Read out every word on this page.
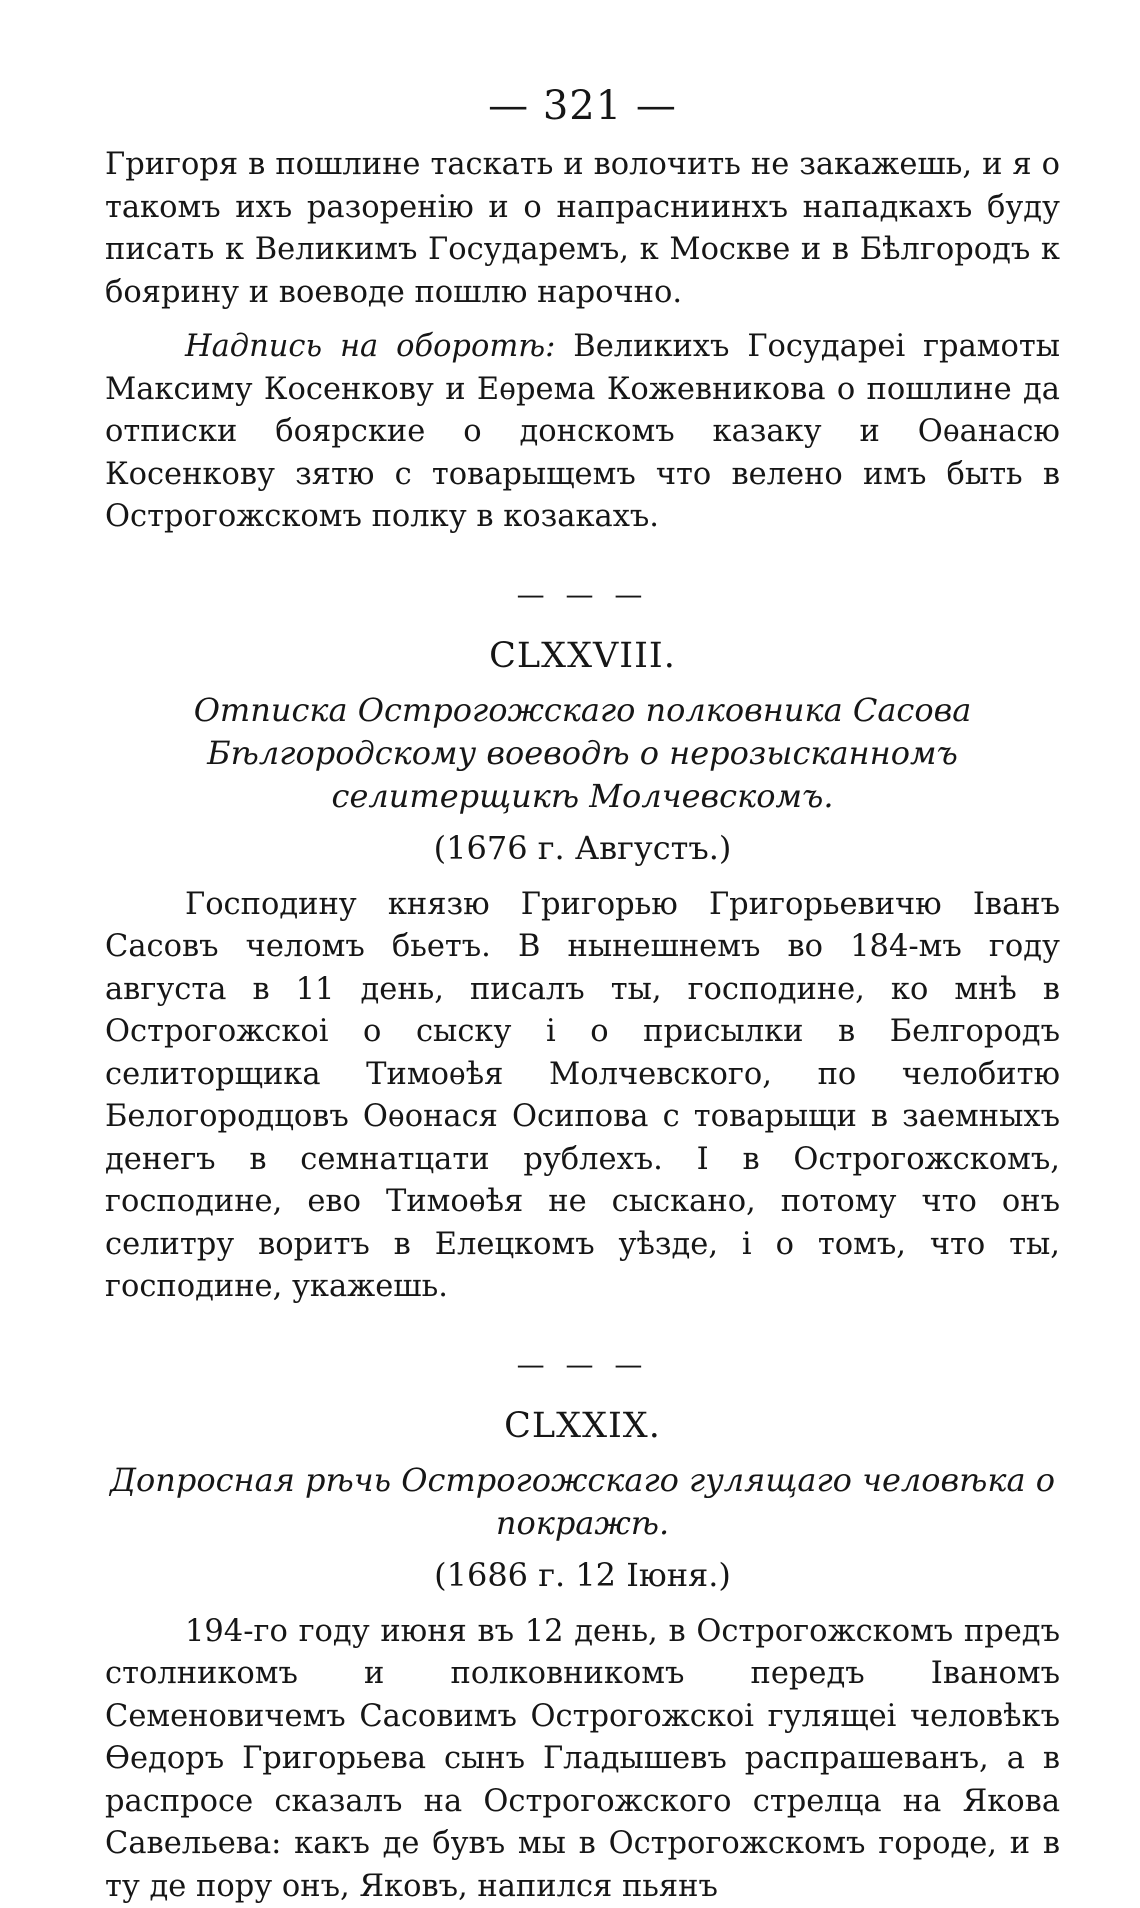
— 321 —

Григоря в пошлине таскать и волочить не закажешь, и я о такомъ ихъ разоренію и о напрасниинхъ нападкахъ буду писать к Великимъ Государемъ, к Москве и в Бѣлгородъ к боярину и воеводе пошлю нарочно.

Надпись на оборотѣ: Великихъ Государеі грамоты Максиму Косенкову и Еѳрема Кожевникова о пошлине да отписки боярские о донскомъ казаку и Оѳанасю Косенкову зятю с товарыщемъ что велено имъ быть в Острогожскомъ полку в козакахъ.

— — —
CLXXVIII.
Отписка Острогожскаго полковника Сасова Бѣлгородскому воеводѣ о нерозысканномъ селитерщикѣ Молчевскомъ.
(1676 г. Августъ.)

Господину князю Григорью Григорьевичю Іванъ Сасовъ челомъ бьетъ. В нынешнемъ во 184-мъ году августа в 11 день, писалъ ты, господине, ко мнѣ в Острогожскоі о сыску і о присылки в Белгородъ селиторщика Тимоѳѣя Молчевского, по челобитю Белогородцовъ Оѳонася Осипова с товарыщи в заемныхъ денегъ в семнатцати рублехъ. І в Острогожскомъ, господине, ево Тимоѳѣя не сыскано, потому что онъ селитру воритъ в Елецкомъ уѣзде, і о томъ, что ты, господине, укажешь.

— — —
CLXXIX.
Допросная рѣчь Острогожскаго гулящаго человѣка о покражѣ.
(1686 г. 12 Іюня.)

194-го году июня въ 12 день, в Острогожскомъ предъ столникомъ и полковникомъ передъ Іваномъ Семеновичемъ Сасовимъ Острогожскоі гулящеі человѣкъ Ѳедоръ Григорьева сынъ Гладышевъ распрашеванъ, а в распросе сказалъ на Острогожского стрелца на Якова Савельева: какъ де бувъ мы в Острогожскомъ городе, и в ту де пору онъ, Яковъ, напился пьянъ
